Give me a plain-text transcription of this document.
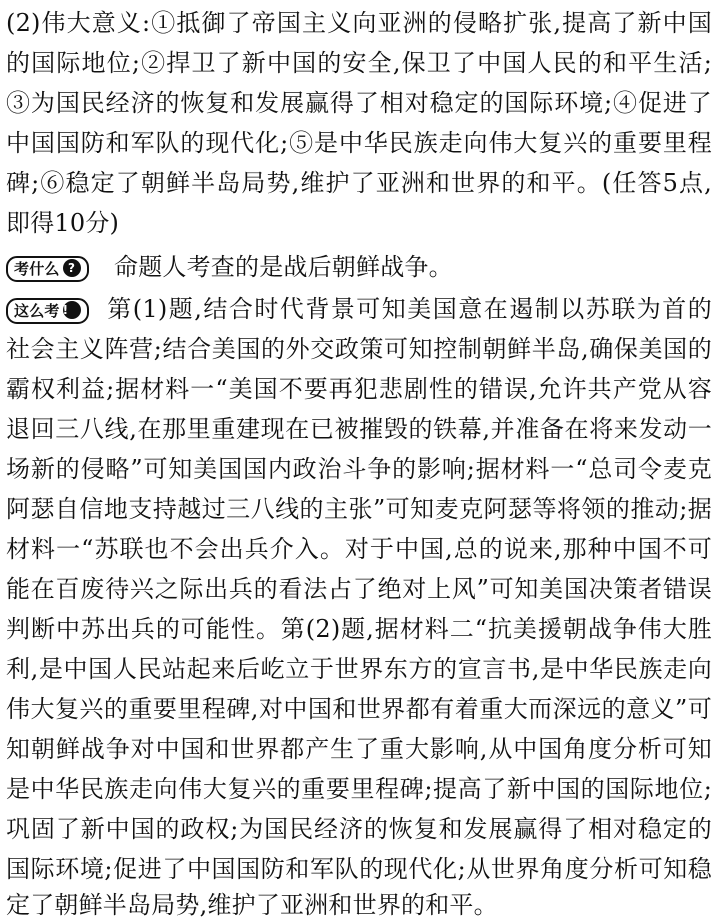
(2)伟大意义:①抵御了帝国主义向亚洲的侵略扩张,提高了新中国
的国际地位;②捍卫了新中国的安全,保卫了中国人民的和平生活;
③为国民经济的恢复和发展赢得了相对稳定的国际环境;④促进了
中国国防和军队的现代化;⑤是中华民族走向伟大复兴的重要里程
碑;⑥稳定了朝鲜半岛局势,维护了亚洲和世界的和平。(任答5点,
即得10分)
考什么 ? 命题人考查的是战后朝鲜战争。
这么考 ! 第(1)题,结合时代背景可知美国意在遏制以苏联为首的
社会主义阵营;结合美国的外交政策可知控制朝鲜半岛,确保美国的
霸权利益;据材料一“美国不要再犯悲剧性的错误,允许共产党从容
退回三八线,在那里重建现在已被摧毁的铁幕,并准备在将来发动一
场新的侵略”可知美国国内政治斗争的影响;据材料一“总司令麦克
阿瑟自信地支持越过三八线的主张”可知麦克阿瑟等将领的推动;据
材料一“苏联也不会出兵介入。对于中国,总的说来,那种中国不可
能在百废待兴之际出兵的看法占了绝对上风”可知美国决策者错误
判断中苏出兵的可能性。第(2)题,据材料二“抗美援朝战争伟大胜
利,是中国人民站起来后屹立于世界东方的宣言书,是中华民族走向
伟大复兴的重要里程碑,对中国和世界都有着重大而深远的意义”可
知朝鲜战争对中国和世界都产生了重大影响,从中国角度分析可知
是中华民族走向伟大复兴的重要里程碑;提高了新中国的国际地位;
巩固了新中国的政权;为国民经济的恢复和发展赢得了相对稳定的
国际环境;促进了中国国防和军队的现代化;从世界角度分析可知稳
定了朝鲜半岛局势,维护了亚洲和世界的和平。
